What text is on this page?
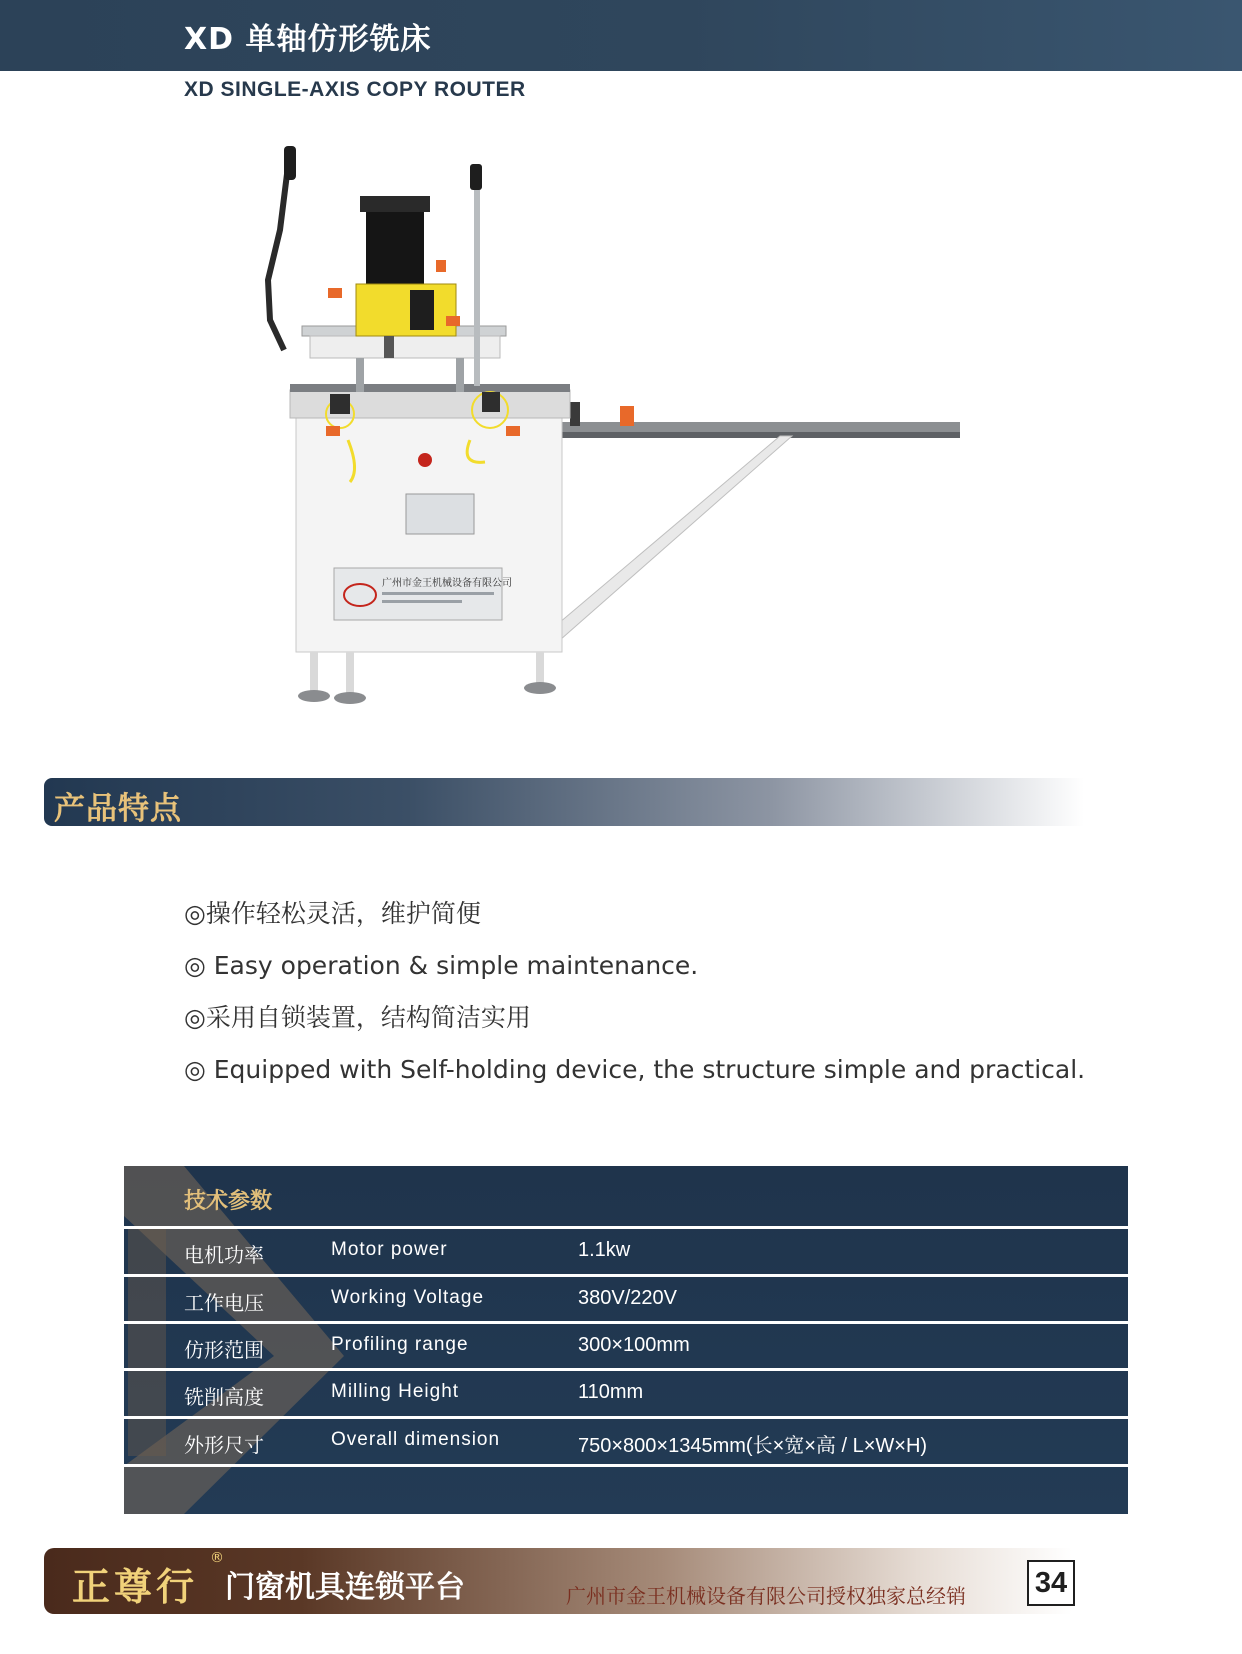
XD 单轴仿形铣床
XD SINGLE-AXIS COPY ROUTER
广州市金王机械设备有限公司
产品特点
◎操作轻松灵活，维护简便
◎ Easy operation & simple maintenance.
◎采用自锁装置，结构简洁实用
◎ Equipped with Self-holding device, the structure simple and practical.
技术参数
电机功率	Motor power	1.1kw
工作电压	Working Voltage	380V/220V
仿形范围	Profiling range	300×100mm
铣削高度	Milling Height	110mm
外形尺寸	Overall dimension	750×800×1345mm(长×宽×高 / L×W×H)
正尊行
®
门窗机具连锁平台	广州市金王机械设备有限公司授权独家总经销 34
